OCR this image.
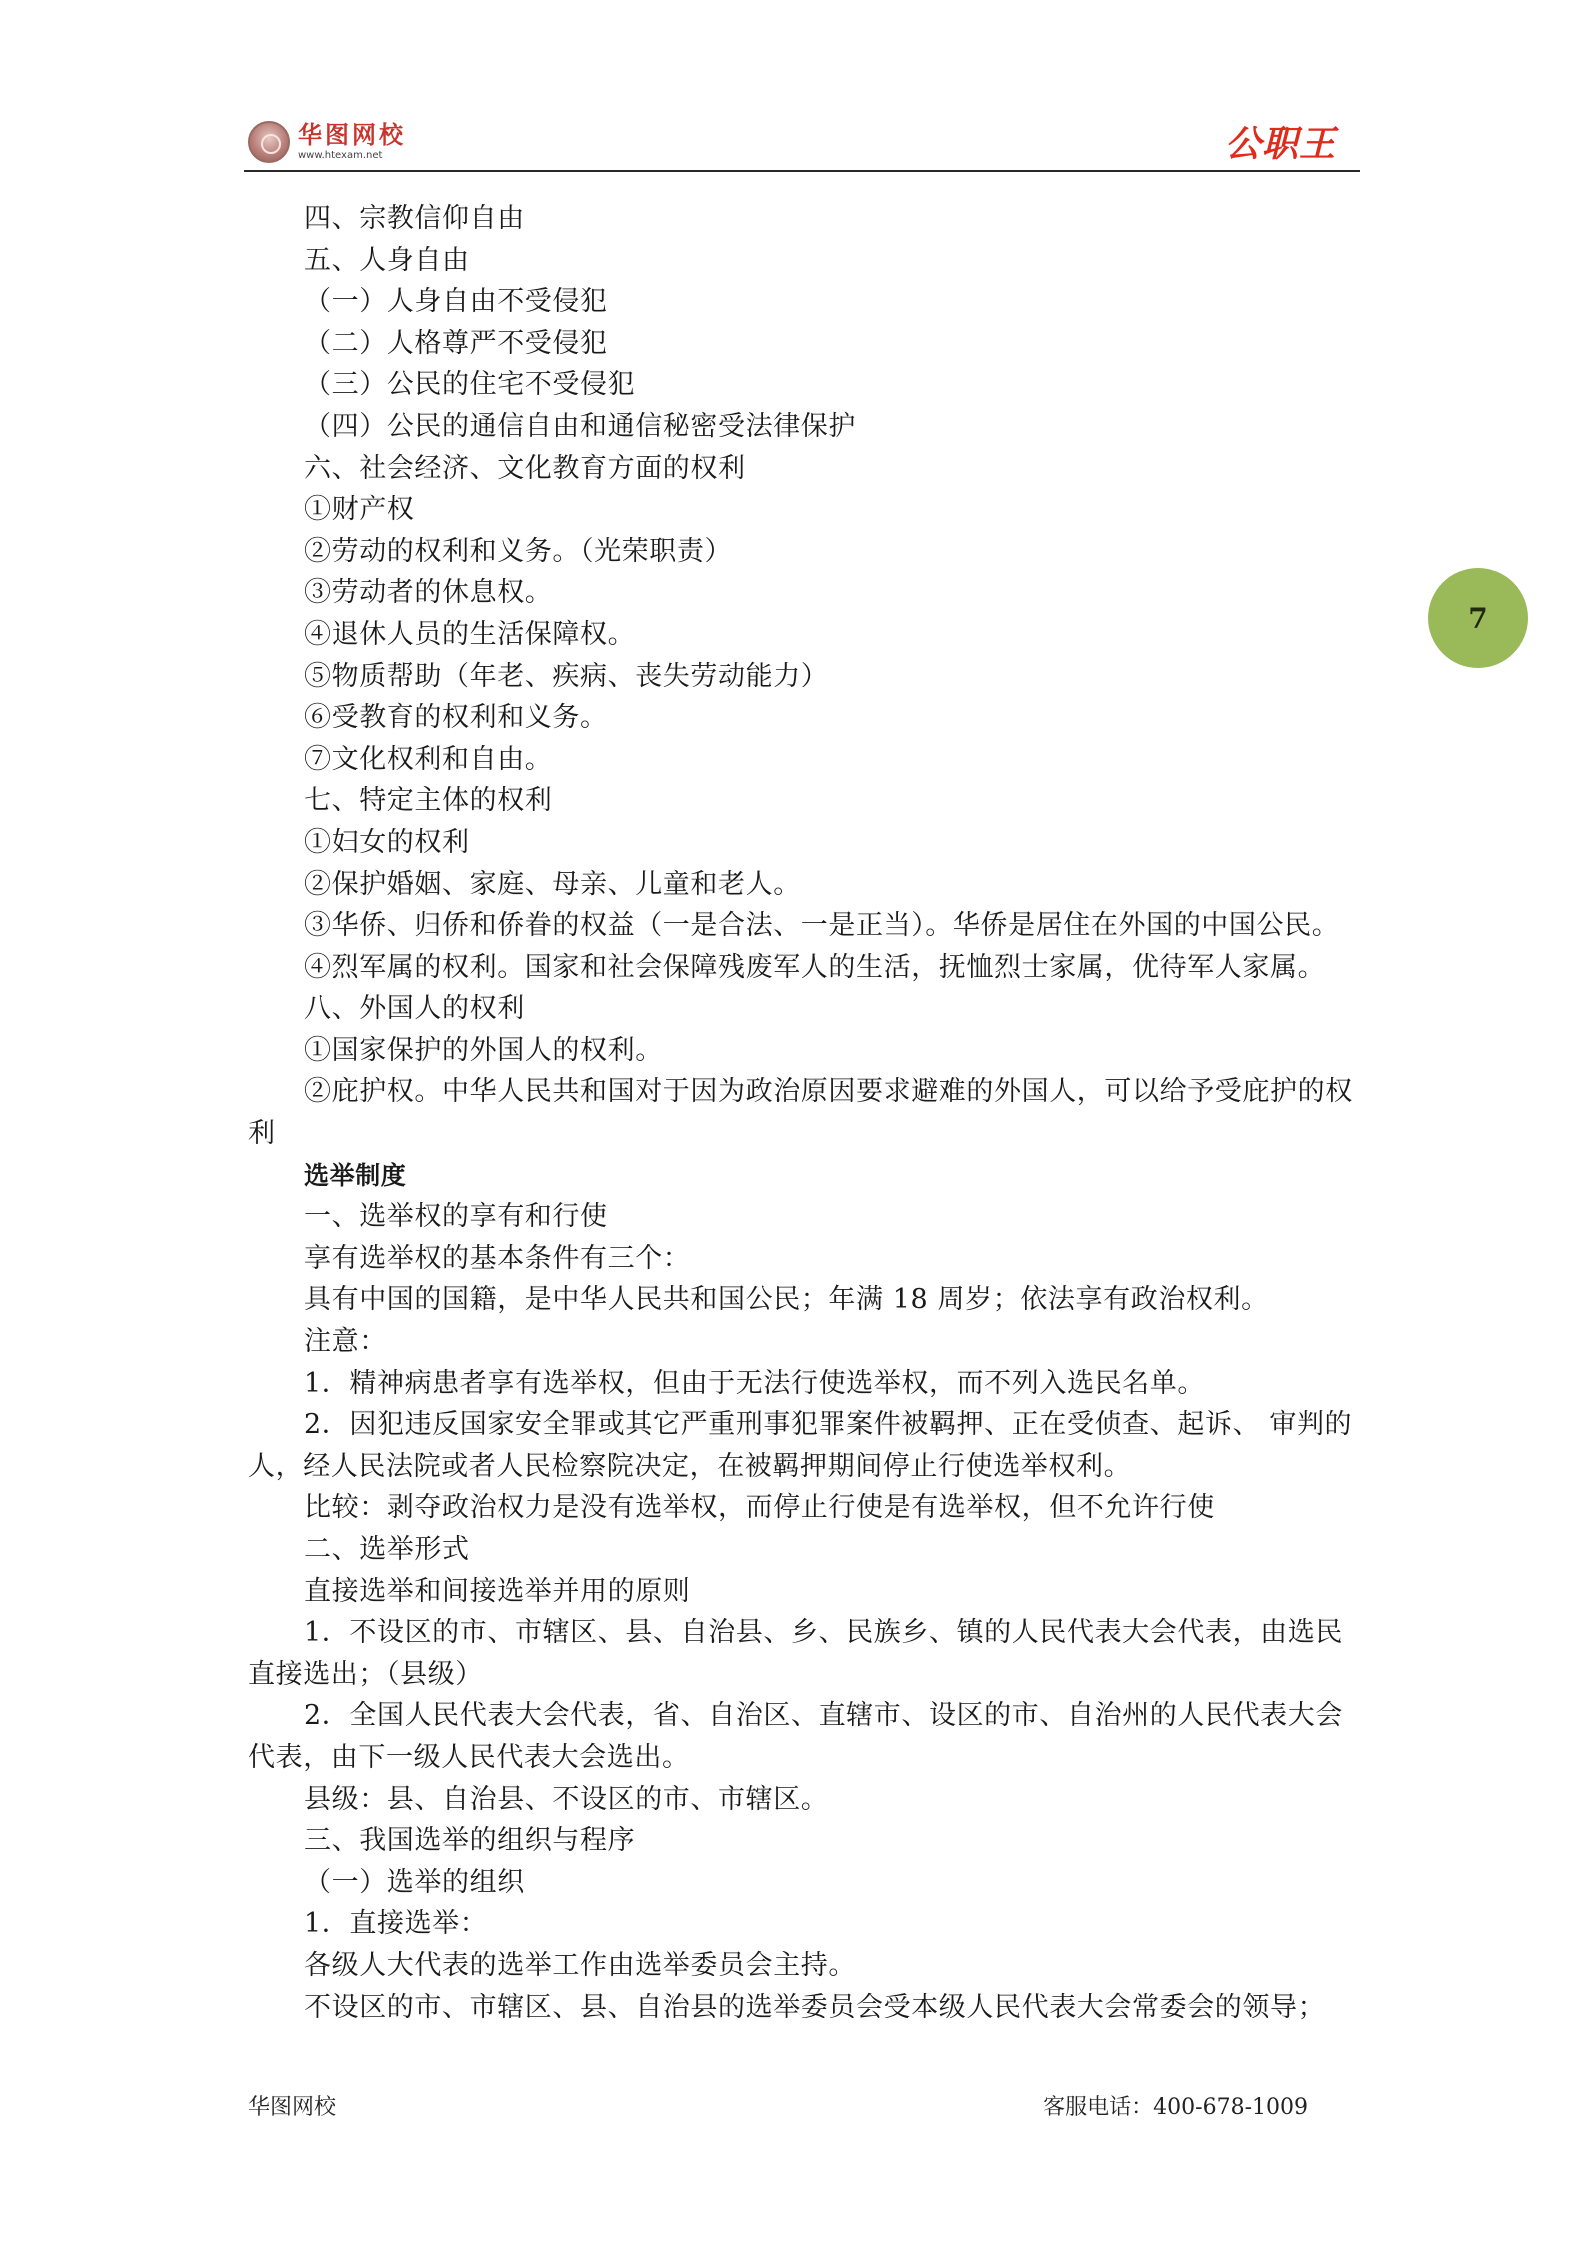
华图网校
www.htexam.net	公职王
7
四、宗教信仰自由
五、人身自由
（一）人身自由不受侵犯
（二）人格尊严不受侵犯
（三）公民的住宅不受侵犯
（四）公民的通信自由和通信秘密受法律保护
六、社会经济、文化教育方面的权利
①财产权
②劳动的权利和义务。（光荣职责）
③劳动者的休息权。
④退休人员的生活保障权。
⑤物质帮助（年老、疾病、丧失劳动能力）
⑥受教育的权利和义务。
⑦文化权利和自由。
七、特定主体的权利
①妇女的权利
②保护婚姻、家庭、母亲、儿童和老人。
③华侨、归侨和侨眷的权益（一是合法、一是正当）。华侨是居住在外国的中国公民。
④烈军属的权利。国家和社会保障残废军人的生活，抚恤烈士家属，优待军人家属。
八、外国人的权利
①国家保护的外国人的权利。
②庇护权。中华人民共和国对于因为政治原因要求避难的外国人，可以给予受庇护的权
利
选举制度
一、选举权的享有和行使
享有选举权的基本条件有三个：
具有中国的国籍，是中华人民共和国公民；年满 18 周岁；依法享有政治权利。
注意：
1．精神病患者享有选举权，但由于无法行使选举权，而不列入选民名单。
2．因犯违反国家安全罪或其它严重刑事犯罪案件被羁押、正在受侦查、起诉、 审判的
人，经人民法院或者人民检察院决定，在被羁押期间停止行使选举权利。
比较：剥夺政治权力是没有选举权，而停止行使是有选举权，但不允许行使
二、选举形式
直接选举和间接选举并用的原则
1．不设区的市、市辖区、县、自治县、乡、民族乡、镇的人民代表大会代表，由选民
直接选出；（县级）
2．全国人民代表大会代表，省、自治区、直辖市、设区的市、自治州的人民代表大会
代表，由下一级人民代表大会选出。
县级：县、自治县、不设区的市、市辖区。
三、我国选举的组织与程序
（一）选举的组织
1．直接选举：
各级人大代表的选举工作由选举委员会主持。
不设区的市、市辖区、县、自治县的选举委员会受本级人民代表大会常委会的领导；
华图网校	客服电话：400-678-1009
